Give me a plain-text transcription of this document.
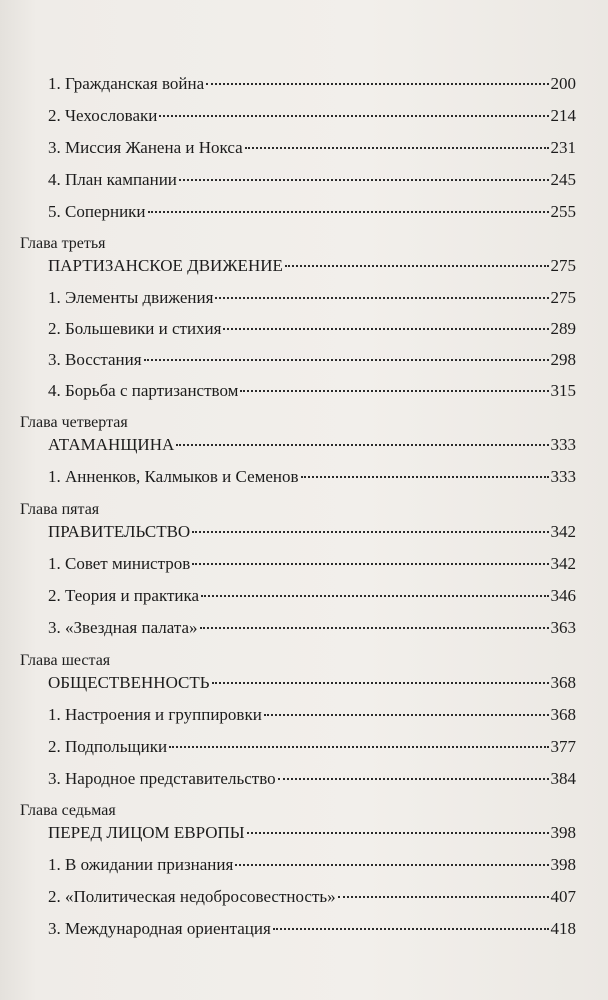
1. Гражданская война	200
2. Чехословаки	214
3. Миссия Жанена и Нокса	231
4. План кампании	245
5. Соперники	255
Глава третья
ПАРТИЗАНСКОЕ ДВИЖЕНИЕ	275
1. Элементы движения	275
2. Большевики и стихия	289
3. Восстания	298
4. Борьба с партизанством	315
Глава четвертая
АТАМАНЩИНА	333
1. Анненков, Калмыков и Семенов	333
Глава пятая
ПРАВИТЕЛЬСТВО	342
1. Совет министров	342
2. Теория и практика	346
3. «Звездная палата»	363
Глава шестая
ОБЩЕСТВЕННОСТЬ	368
1. Настроения и группировки	368
2. Подпольщики	377
3. Народное представительство	384
Глава седьмая
ПЕРЕД ЛИЦОМ ЕВРОПЫ	398
1. В ожидании признания	398
2. «Политическая недобросовестность»	407
3. Международная ориентация	418
